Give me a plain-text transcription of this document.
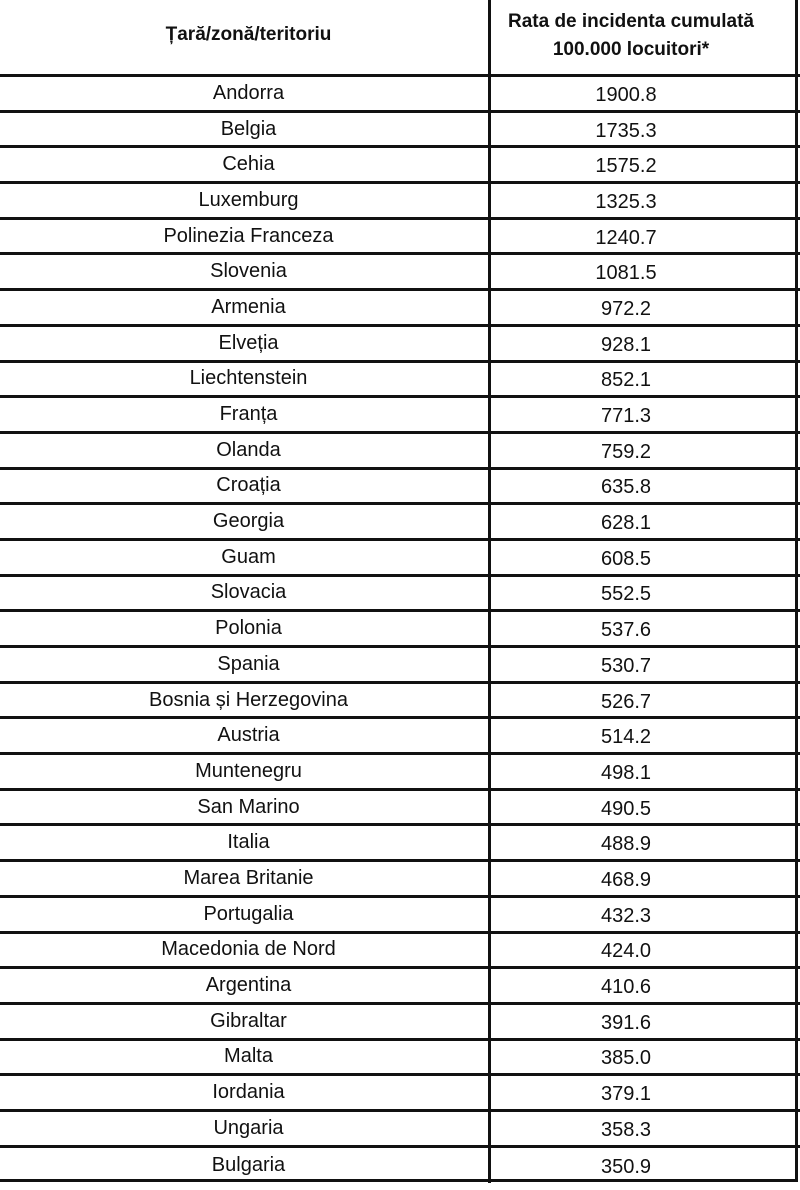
Țară/zonă/teritoriu
Rata de incidenta cumulată
100.000 locuitori*
Andorra	1900.8
Belgia	1735.3
Cehia	1575.2
Luxemburg	1325.3
Polinezia Franceza	1240.7
Slovenia	1081.5
Armenia	972.2
Elveția	928.1
Liechtenstein	852.1
Franța	771.3
Olanda	759.2
Croația	635.8
Georgia	628.1
Guam	608.5
Slovacia	552.5
Polonia	537.6
Spania	530.7
Bosnia și Herzegovina	526.7
Austria	514.2
Muntenegru	498.1
San Marino	490.5
Italia	488.9
Marea Britanie	468.9
Portugalia	432.3
Macedonia de Nord	424.0
Argentina	410.6
Gibraltar	391.6
Malta	385.0
Iordania	379.1
Ungaria	358.3
Bulgaria	350.9
